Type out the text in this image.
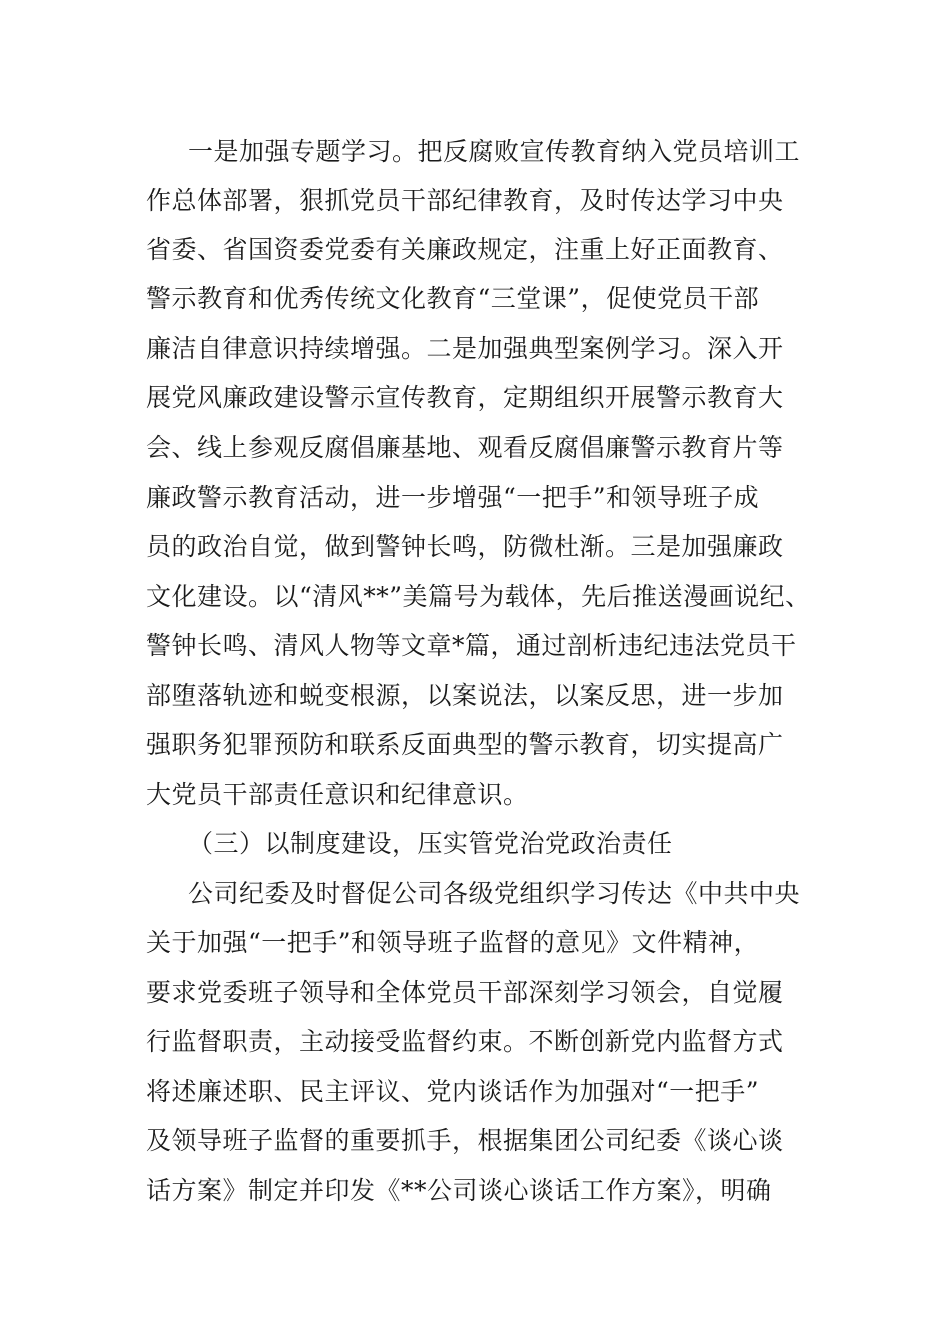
一是加强专题学习。把反腐败宣传教育纳入党员培训工
作总体部署，狠抓党员干部纪律教育，及时传达学习中央
省委、省国资委党委有关廉政规定，注重上好正面教育、
警示教育和优秀传统文化教育“三堂课”，促使党员干部
廉洁自律意识持续增强。二是加强典型案例学习。深入开
展党风廉政建设警示宣传教育，定期组织开展警示教育大
会、线上参观反腐倡廉基地、观看反腐倡廉警示教育片等
廉政警示教育活动，进一步增强“一把手”和领导班子成
员的政治自觉，做到警钟长鸣，防微杜渐。三是加强廉政
文化建设。以“清风**”美篇号为载体，先后推送漫画说纪、
警钟长鸣、清风人物等文章*篇，通过剖析违纪违法党员干
部堕落轨迹和蜕变根源，以案说法，以案反思，进一步加
强职务犯罪预防和联系反面典型的警示教育，切实提高广
大党员干部责任意识和纪律意识。
（三）以制度建设，压实管党治党政治责任
公司纪委及时督促公司各级党组织学习传达《中共中央
关于加强“一把手”和领导班子监督的意见》文件精神，
要求党委班子领导和全体党员干部深刻学习领会，自觉履
行监督职责，主动接受监督约束。不断创新党内监督方式
将述廉述职、民主评议、党内谈话作为加强对“一把手”
及领导班子监督的重要抓手，根据集团公司纪委《谈心谈
话方案》制定并印发《**公司谈心谈话工作方案》，明确
